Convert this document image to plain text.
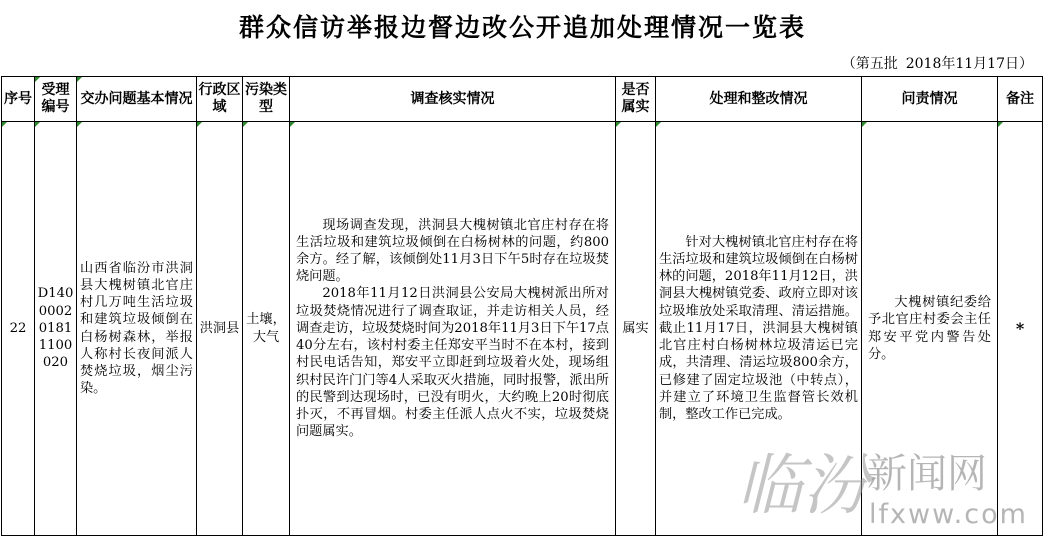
群众信访举报边督边改公开追加处理情况一览表
（第五批 2018年11月17日）
序号	受理编号	交办问题基本情况	行政区域	污染类型	调查核实情况	是否属实	处理和整改情况	问责情况	备注
22	D140000201811100020	山西省临汾市洪洞县大槐树镇北官庄村几万吨生活垃圾和建筑垃圾倾倒在白杨树森林，举报人称村长夜间派人焚烧垃圾，烟尘污染。	洪洞县	土壤，大气	现场调查发现，洪洞县大槐树镇北官庄村存在将生活垃圾和建筑垃圾倾倒在白杨树林的问题，约800余方。经了解，该倾倒处11月3日下午5时存在垃圾焚烧问题。

2018年11月12日洪洞县公安局大槐树派出所对垃圾焚烧情况进行了调查取证，并走访相关人员，经调查走访，垃圾焚烧时间为2018年11月3日下午17点40分左右，该村村委主任郑安平当时不在本村，接到村民电话告知，郑安平立即赶到垃圾着火处，现场组织村民许门门等4人采取灭火措施，同时报警，派出所的民警到达现场时，已没有明火，大约晚上20时彻底扑灭，不再冒烟。村委主任派人点火不实，垃圾焚烧问题属实。	属实	针对大槐树镇北官庄村存在将生活垃圾和建筑垃圾倾倒在白杨树林的问题，2018年11月12日，洪洞县大槐树镇党委、政府立即对该垃圾堆放处采取清理、清运措施。截止11月17日，洪洞县大槐树镇北官庄村白杨树林垃圾清运已完成，共清理、清运垃圾800余方，已修建了固定垃圾池（中转点），并建立了环境卫生监督管长效机制，整改工作已完成。	大槐树镇纪委给予北官庄村委会主任郑安平党内警告处分。	*
临汾
新闻网
lfxww.com
